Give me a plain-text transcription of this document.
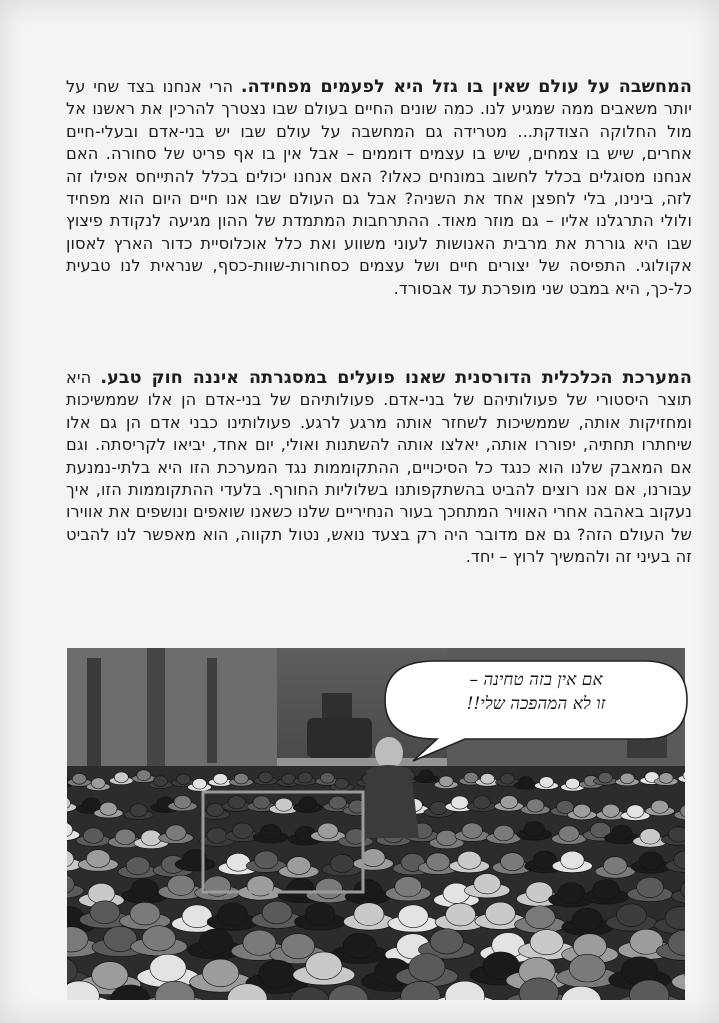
המחשבה על עולם שאין בו גזל היא לפעמים מפחידה. הרי אנחנו בצד שחי על יותר משאבים ממה שמגיע לנו. כמה שונים החיים בעולם שבו נצטרך להרכין את ראשנו אל מול החלוקה הצודקת... מטרידה גם המחשבה על עולם שבו יש בני-אדם ובעלי-חיים אחרים, שיש בו צמחים, שיש בו עצמים דוממים – אבל אין בו אף פריט של סחורה. האם אנחנו מסוגלים בכלל לחשוב במונחים כאלו? האם אנחנו יכולים בכלל להתייחס אפילו זה לזה, בינינו, בלי לחפצן אחד את השניה? אבל גם העולם שבו אנו חיים היום הוא מפחיד ולולי התרגלנו אליו – גם מוזר מאוד. ההתרחבות המתמדת של ההון מגיעה לנקודת פיצוץ שבו היא גוררת את מרבית האנושות לעוני משווע ואת כלל אוכלוסיית כדור הארץ לאסון אקולוגי. התפיסה של יצורים חיים ושל עצמים כסחורות-שוות-כסף, שנראית לנו טבעית כל-כך, היא במבט שני מופרכת עד אבסורד.

המערכת הכלכלית הדורסנית שאנו פועלים במסגרתה איננה חוק טבע. היא תוצר היסטורי של פעולותיהם של בני-אדם. פעולותיהם של בני-אדם הן אלו שממשיכות ומחזיקות אותה, שממשיכות לשחזר אותה מרגע לרגע. פעולותינו כבני אדם הן גם אלו שיחתרו תחתיה, יפוררו אותה, יאלצו אותה להשתנות ואולי, יום אחד, יביאו לקריסתה. וגם אם המאבק שלנו הוא כנגד כל הסיכויים, ההתקוממות נגד המערכת הזו היא בלתי-נמנעת עבורנו, אם אנו רוצים להביט בהשתקפותנו בשלוליות החורף. בלעדי ההתקוממות הזו, איך נעקוב באהבה אחרי האוויר המתחכך בעור הנחיריים שלנו כשאנו שואפים ונושפים את אווירו של העולם הזה? גם אם מדובר היה רק בצעד נואש, נטול תקווה, הוא מאפשר לנו להביט זה בעיני זה ולהמשיך לרוץ – יחד.

אם אין בזה טחינה –
זו לא המהפכה שלי!!
